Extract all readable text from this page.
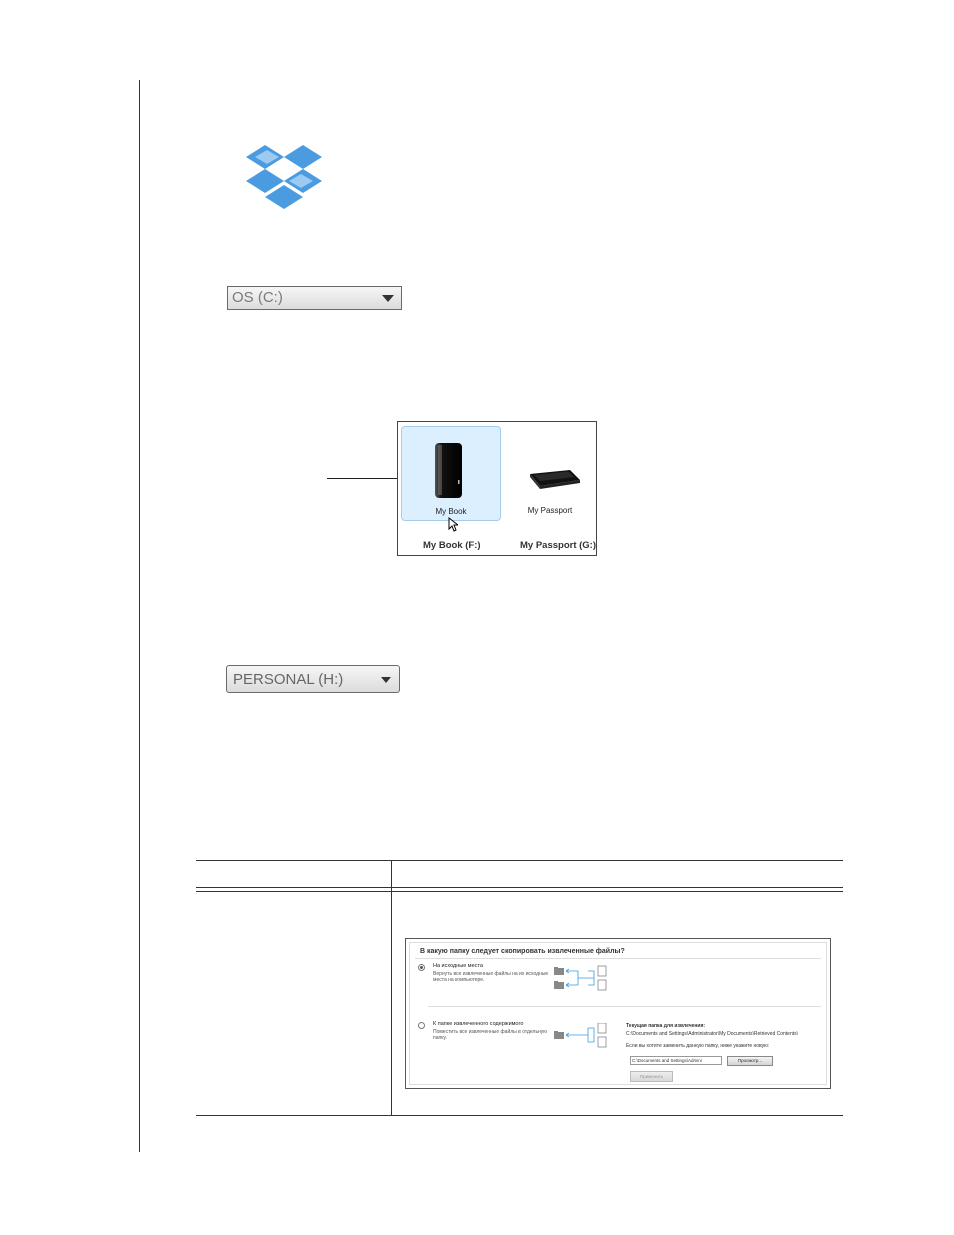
OS (C:)
My Book	My Passport
My Book (F:)	My Passport (G:)
PERSONAL (H:)
В какую папку следует скопировать извлеченные файлы?
На исходные места
Вернуть все извлеченные файлы на их исходные места на компьютере.
К папке извлеченного содержимого
Поместить все извлеченные файлы в отдельную папку.
Текущая папка для извлечения:
C:\Documents and Settings\Administrator\My Documents\Retrieved Contents\
Если вы хотите заменить данную папку, ниже укажите новую:
C:\Documents and Settings\Admini	Просмотр...
Применить
